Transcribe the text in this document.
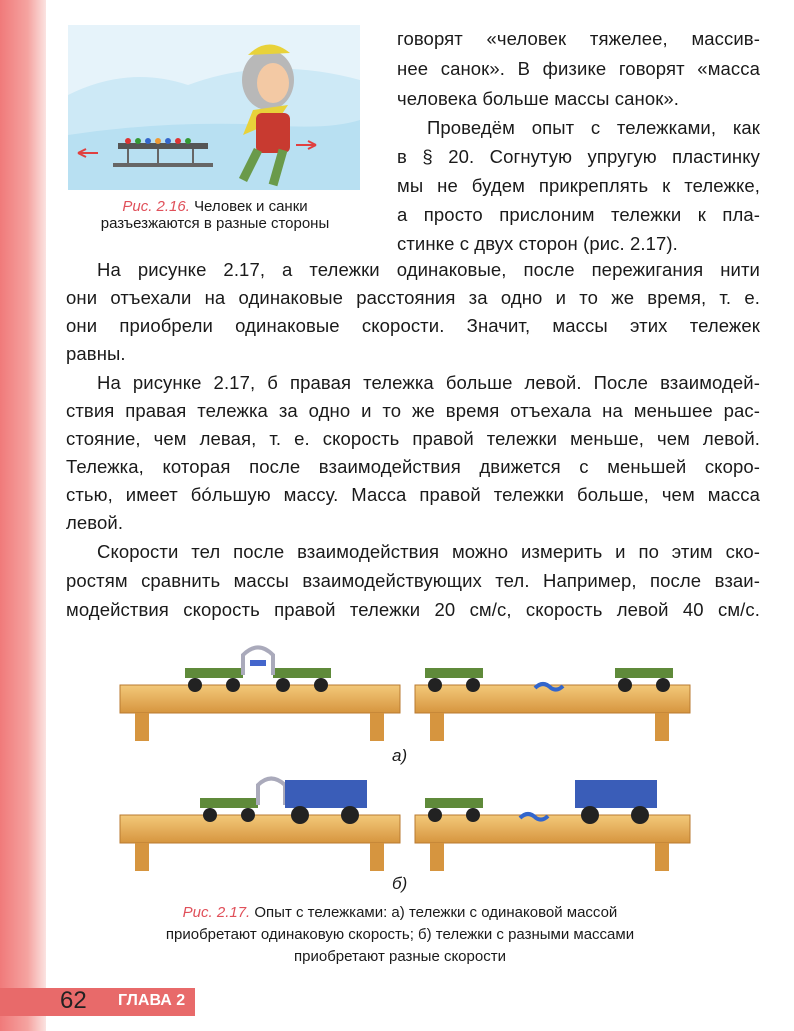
Рис. 2.16. Человек и санки
разъезжаются в разные стороны
говорят «человек тяжелее, массив-
нее санок». В физике говорят «масса
человека больше массы санок».
Проведём опыт с тележками, как
в § 20. Согнутую упругую пластинку
мы не будем прикреплять к тележке,
а просто прислоним тележки к пла-
стинке с двух сторон (рис. 2.17).
На рисунке 2.17, а тележки одинаковые, после пережигания нити
они отъехали на одинаковые расстояния за одно и то же время, т. е.
они приобрели одинаковые скорости. Значит, массы этих тележек
равны.
На рисунке 2.17, б правая тележка больше левой. После взаимодей-
ствия правая тележка за одно и то же время отъехала на меньшее рас-
стояние, чем левая, т. е. скорость правой тележки меньше, чем левой.
Тележка, которая после взаимодействия движется с меньшей скоро-
стью, имеет бóльшую массу. Масса правой тележки больше, чем масса
левой.
Скорости тел после взаимодействия можно измерить и по этим ско-
ростям сравнить массы взаимодействующих тел. Например, после взаи-
модействия скорость правой тележки 20 см/с, скорость левой 40 см/с.
а)
б)
Рис. 2.17. Опыт с тележками: а) тележки с одинаковой массой
приобретают одинаковую скорость; б) тележки с разными массами
приобретают разные скорости
62 ГЛАВА 2
